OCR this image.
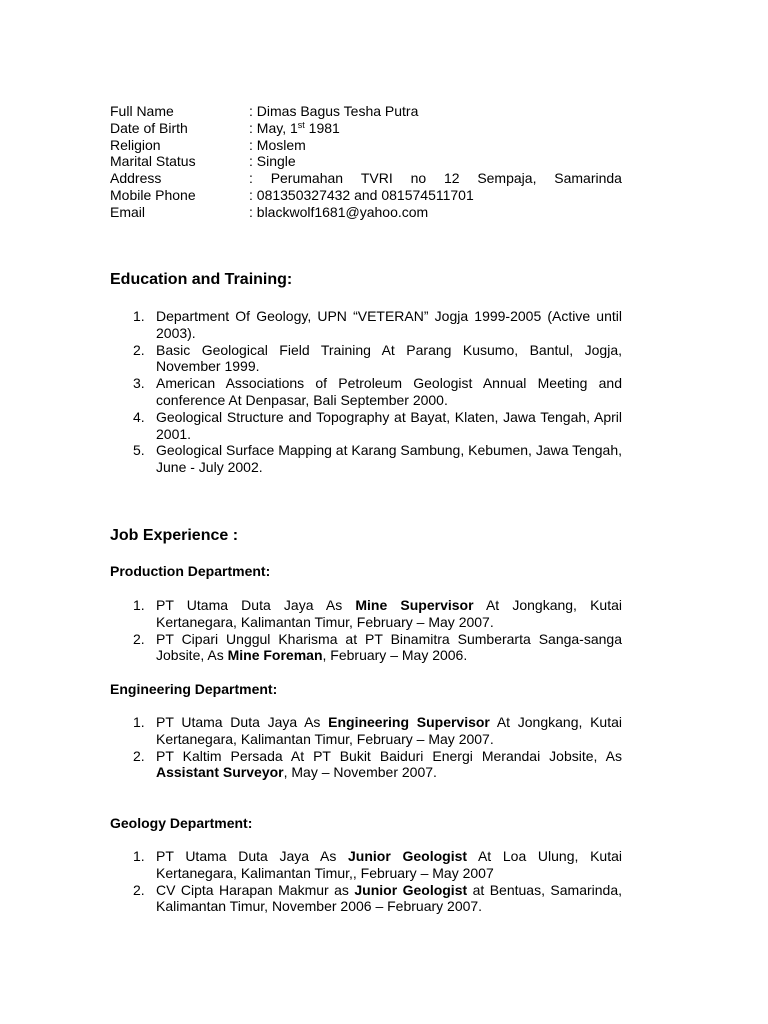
Full Name	: Dimas Bagus Tesha Putra
Date of Birth	: May, 1st 1981
Religion	: Moslem
Marital Status	: Single
Address	: Perumahan TVRI no 12 Sempaja, Samarinda
Mobile Phone	: 081350327432 and 081574511701
Email	: blackwolf1681@yahoo.com
Education and Training:
1. Department Of Geology, UPN “VETERAN” Jogja 1999-2005 (Active until 2003).
2. Basic Geological Field Training At Parang Kusumo, Bantul, Jogja, November 1999.
3. American Associations of Petroleum Geologist Annual Meeting and conference At Denpasar, Bali September 2000.
4. Geological Structure and Topography at Bayat, Klaten, Jawa Tengah, April 2001.
5. Geological Surface Mapping at Karang Sambung, Kebumen, Jawa Tengah, June - July 2002.
Job Experience :
Production Department:
1. PT Utama Duta Jaya As Mine Supervisor At Jongkang, Kutai Kertanegara, Kalimantan Timur, February – May 2007.
2. PT Cipari Unggul Kharisma at PT Binamitra Sumberarta Sanga-sanga Jobsite, As Mine Foreman, February – May 2006.
Engineering Department:
1. PT Utama Duta Jaya As Engineering Supervisor At Jongkang, Kutai Kertanegara, Kalimantan Timur, February – May 2007.
2. PT Kaltim Persada At PT Bukit Baiduri Energi Merandai Jobsite, As Assistant Surveyor, May – November 2007.
Geology Department:
1. PT Utama Duta Jaya As Junior Geologist At Loa Ulung, Kutai Kertanegara, Kalimantan Timur,, February – May 2007
2. CV Cipta Harapan Makmur as Junior Geologist at Bentuas, Samarinda, Kalimantan Timur, November 2006 – February 2007.
